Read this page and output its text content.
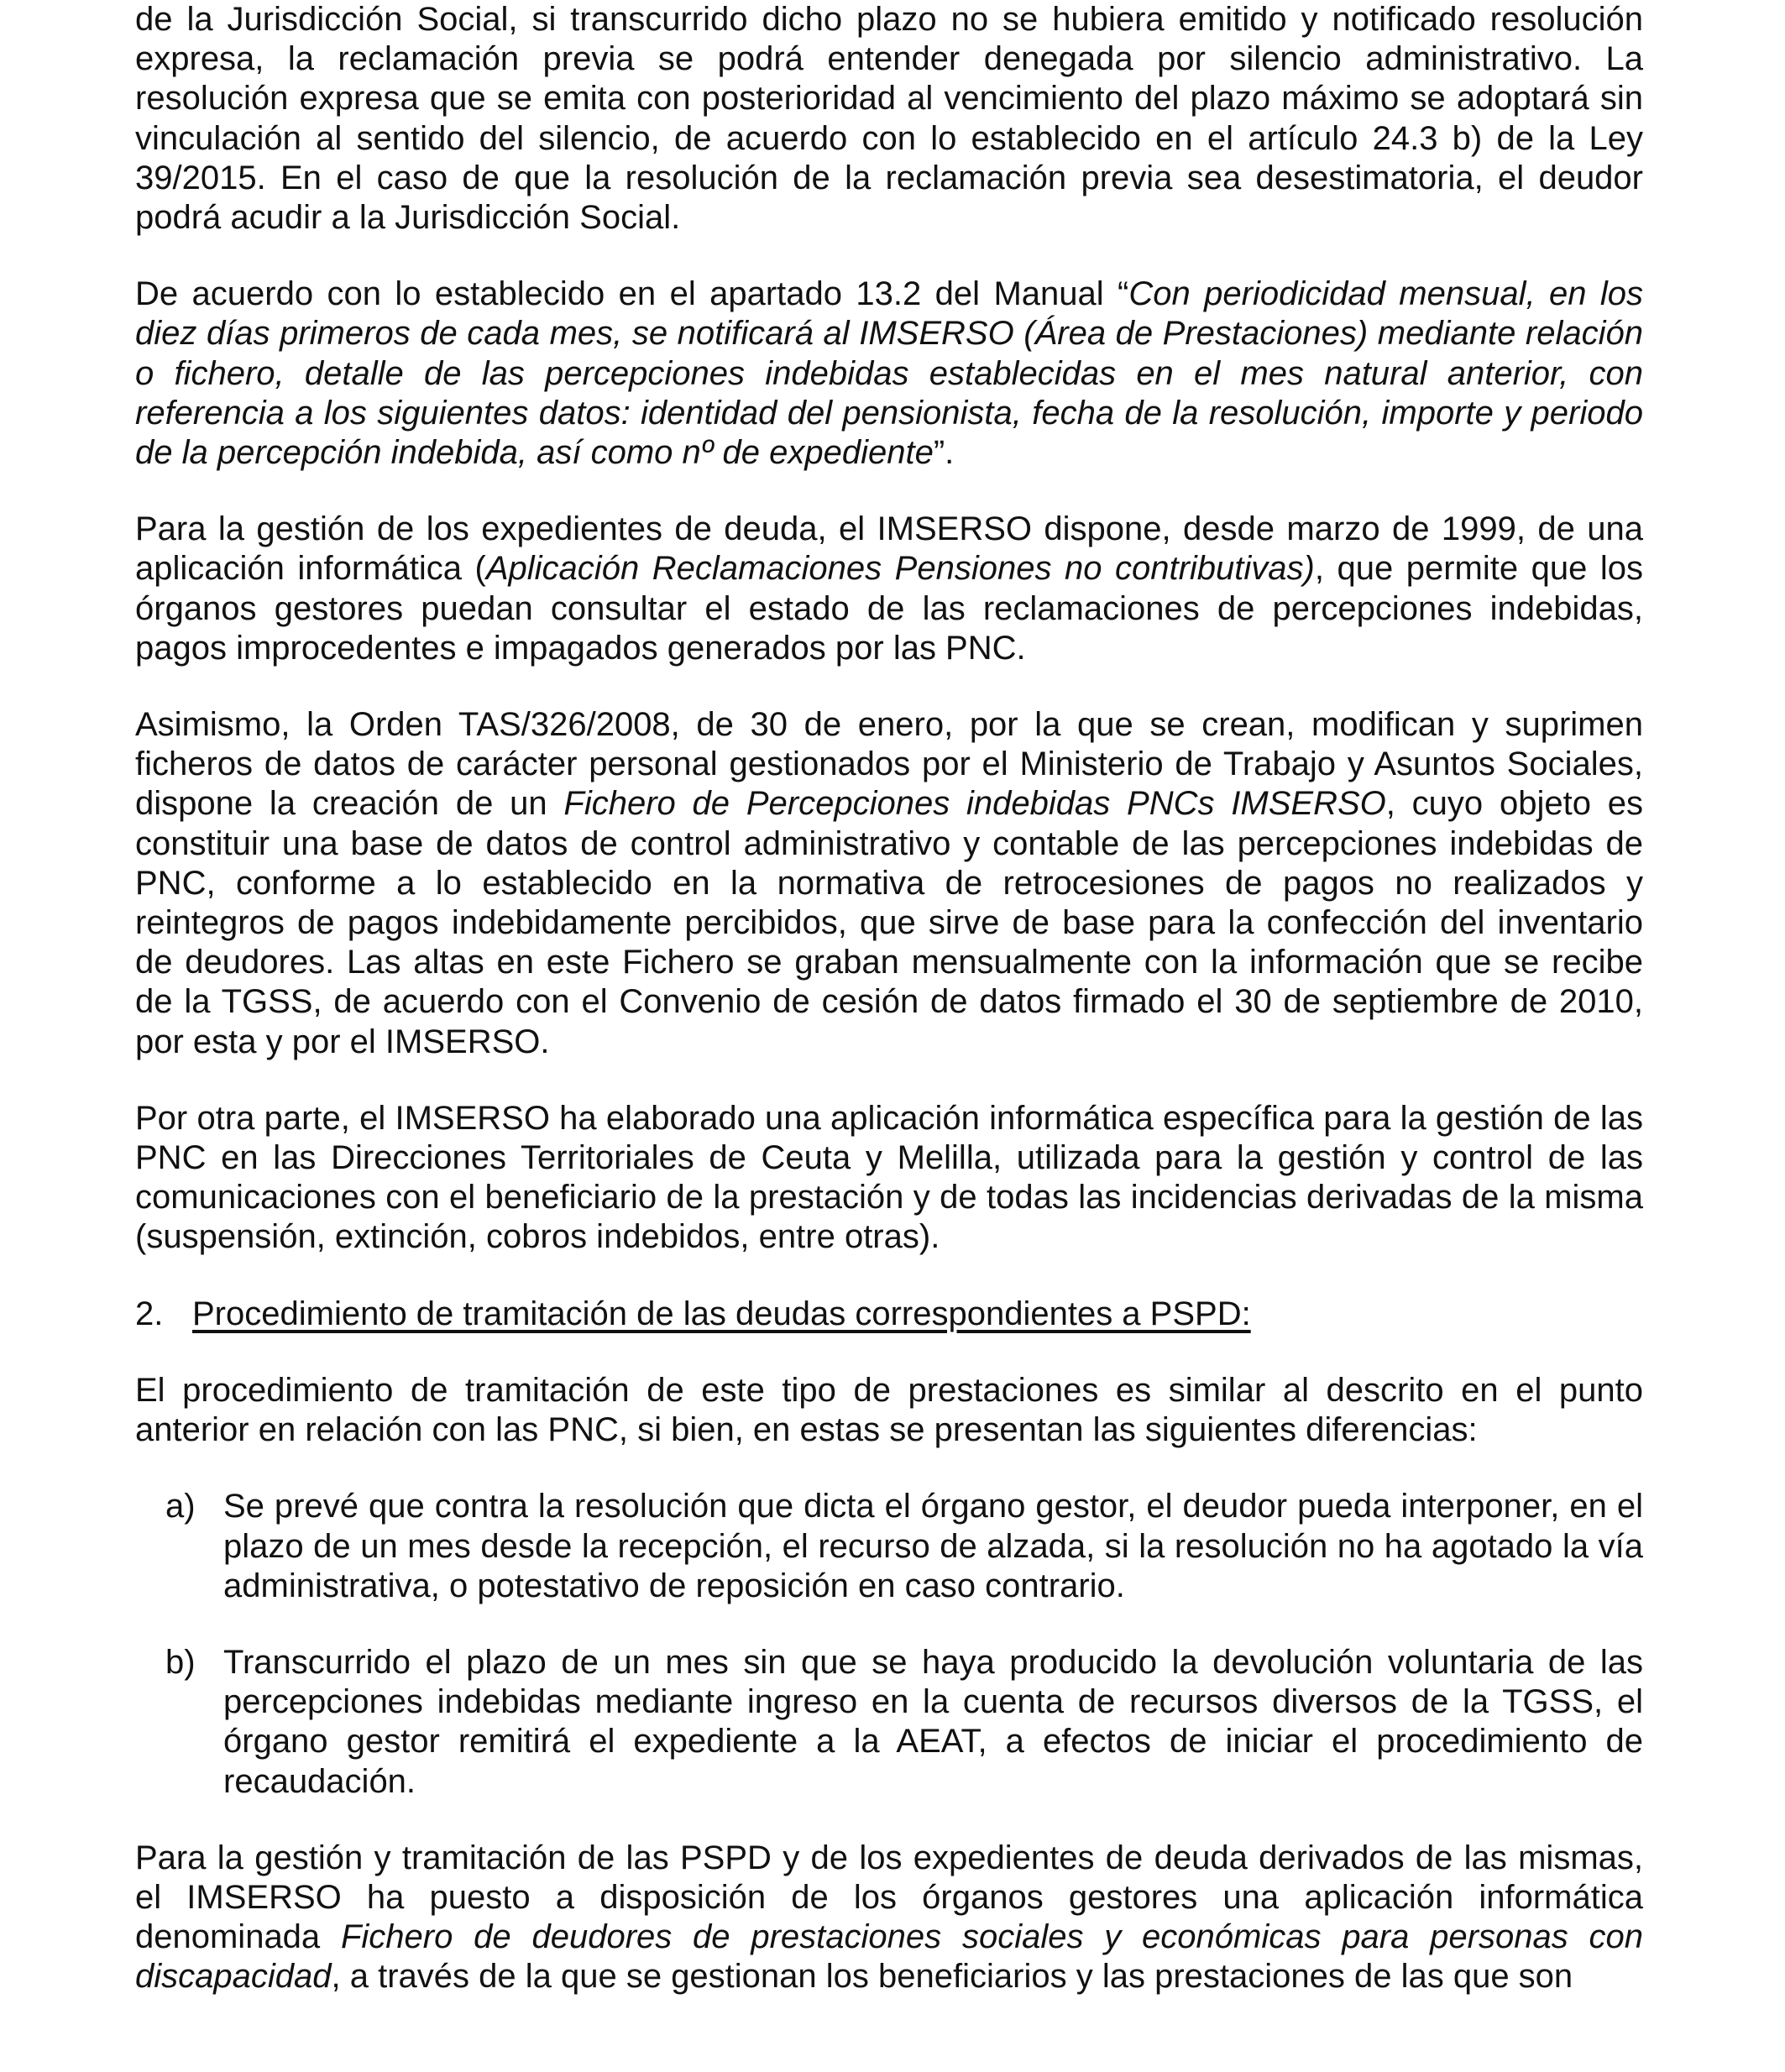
de la Jurisdicción Social, si transcurrido dicho plazo no se hubiera emitido y notificado resolución expresa, la reclamación previa se podrá entender denegada por silencio administrativo. La resolución expresa que se emita con posterioridad al vencimiento del plazo máximo se adoptará sin vinculación al sentido del silencio, de acuerdo con lo establecido en el artículo 24.3 b) de la Ley 39/2015. En el caso de que la resolución de la reclamación previa sea desestimatoria, el deudor podrá acudir a la Jurisdicción Social.

De acuerdo con lo establecido en el apartado 13.2 del Manual “Con periodicidad mensual, en los diez días primeros de cada mes, se notificará al IMSERSO (Área de Prestaciones) mediante relación o fichero, detalle de las percepciones indebidas establecidas en el mes natural anterior, con referencia a los siguientes datos: identidad del pensionista, fecha de la resolución, importe y periodo de la percepción indebida, así como nº de expediente”.

Para la gestión de los expedientes de deuda, el IMSERSO dispone, desde marzo de 1999, de una aplicación informática (Aplicación Reclamaciones Pensiones no contributivas), que permite que los órganos gestores puedan consultar el estado de las reclamaciones de percepciones indebidas, pagos improcedentes e impagados generados por las PNC.

Asimismo, la Orden TAS/326/2008, de 30 de enero, por la que se crean, modifican y suprimen ficheros de datos de carácter personal gestionados por el Ministerio de Trabajo y Asuntos Sociales, dispone la creación de un Fichero de Percepciones indebidas PNCs IMSERSO, cuyo objeto es constituir una base de datos de control administrativo y contable de las percepciones indebidas de PNC, conforme a lo establecido en la normativa de retrocesiones de pagos no realizados y reintegros de pagos indebidamente percibidos, que sirve de base para la confección del inventario de deudores. Las altas en este Fichero se graban mensualmente con la información que se recibe de la TGSS, de acuerdo con el Convenio de cesión de datos firmado el 30 de septiembre de 2010, por esta y por el IMSERSO.

Por otra parte, el IMSERSO ha elaborado una aplicación informática específica para la gestión de las PNC en las Direcciones Territoriales de Ceuta y Melilla, utilizada para la gestión y control de las comunicaciones con el beneficiario de la prestación y de todas las incidencias derivadas de la misma (suspensión, extinción, cobros indebidos, entre otras).

2. Procedimiento de tramitación de las deudas correspondientes a PSPD:

El procedimiento de tramitación de este tipo de prestaciones es similar al descrito en el punto anterior en relación con las PNC, si bien, en estas se presentan las siguientes diferencias:

a) Se prevé que contra la resolución que dicta el órgano gestor, el deudor pueda interponer, en el plazo de un mes desde la recepción, el recurso de alzada, si la resolución no ha agotado la vía administrativa, o potestativo de reposición en caso contrario.
b) Transcurrido el plazo de un mes sin que se haya producido la devolución voluntaria de las percepciones indebidas mediante ingreso en la cuenta de recursos diversos de la TGSS, el órgano gestor remitirá el expediente a la AEAT, a efectos de iniciar el procedimiento de recaudación.

Para la gestión y tramitación de las PSPD y de los expedientes de deuda derivados de las mismas, el IMSERSO ha puesto a disposición de los órganos gestores una aplicación informática denominada Fichero de deudores de prestaciones sociales y económicas para personas con discapacidad, a través de la que se gestionan los beneficiarios y las prestaciones de las que son
